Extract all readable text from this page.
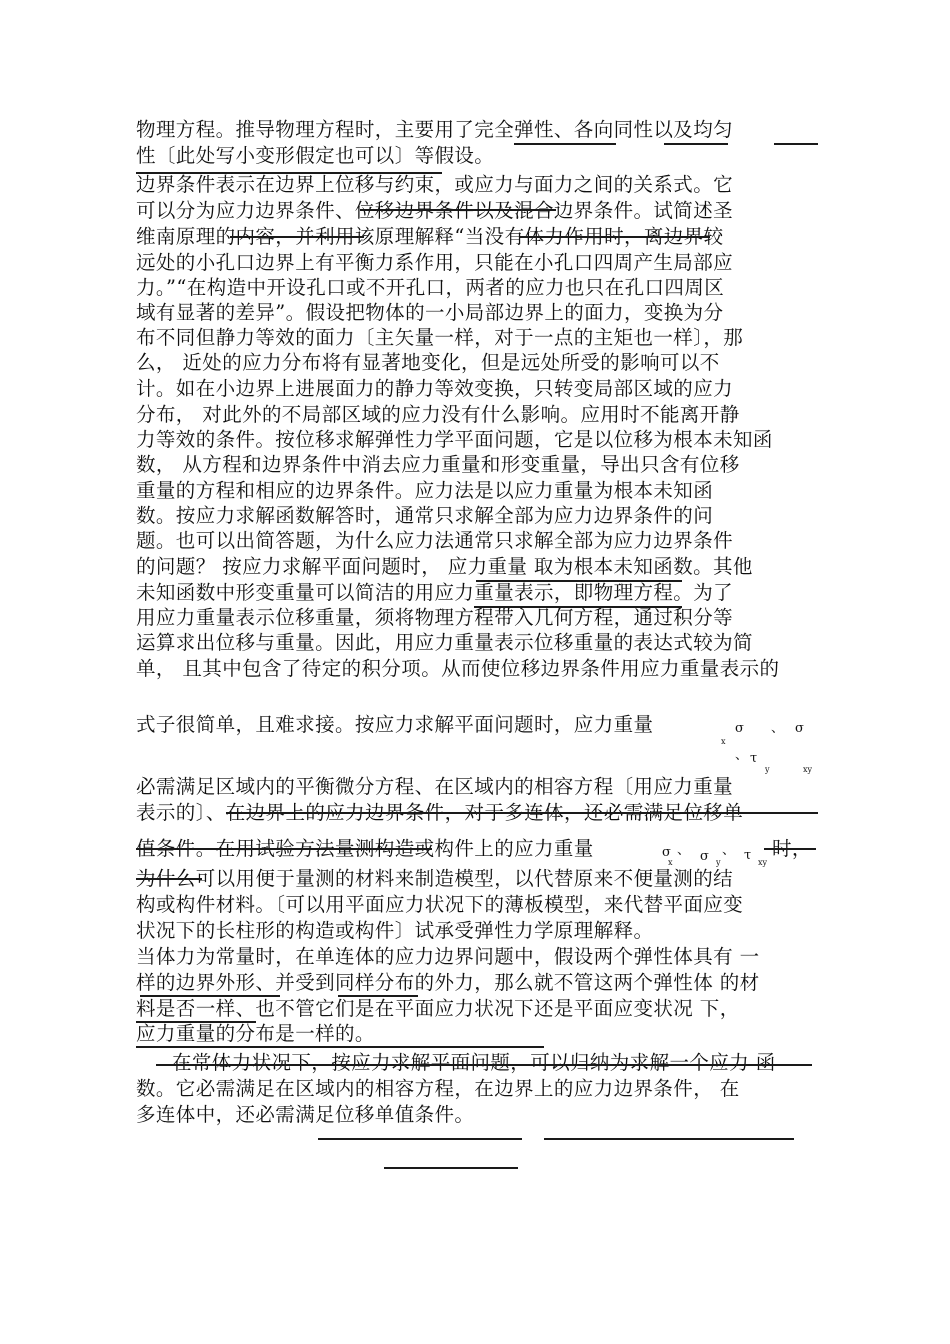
物理方程。推导物理方程时，主要用了完全弹性、各向同性以及均匀
性〔此处写小变形假定也可以〕等假设。
边界条件表示在边界上位移与约束，或应力与面力之间的关系式。它
可以分为应力边界条件、位移边界条件以及混合边界条件。试简述圣
维南原理的内容，并利用该原理解释“当没有体力作用时，离边界较
远处的小孔口边界上有平衡力系作用，只能在小孔口四周产生局部应
力。”“在构造中开设孔口或不开孔口，两者的应力也只在孔口四周区
域有显著的差异”。假设把物体的一小局部边界上的面力，变换为分
布不同但静力等效的面力〔主矢量一样，对于一点的主矩也一样〕，那
么， 近处的应力分布将有显著地变化，但是远处所受的影响可以不
计。如在小边界上进展面力的静力等效变换，只转变局部区域的应力
分布， 对此外的不局部区域的应力没有什么影响。应用时不能离开静
力等效的条件。按位移求解弹性力学平面问题，它是以位移为根本未知函
数， 从方程和边界条件中消去应力重量和形变重量，导出只含有位移
重量的方程和相应的边界条件。应力法是以应力重量为根本未知函
数。按应力求解函数解答时，通常只求解全部为应力边界条件的问
题。也可以出简答题，为什么应力法通常只求解全部为应力边界条件
的问题？ 按应力求解平面问题时， 应力重量 取为根本未知函数。其他
未知函数中形变重量可以简洁的用应力重量表示，即物理方程。为了
用应力重量表示位移重量，须将物理方程带入几何方程，通过积分等
运算求出位移与重量。因此，用应力重量表示位移重量的表达式较为简
单， 且其中包含了待定的积分项。从而使位移边界条件用应力重量表示的
式子很简单，且难求接。按应力求解平面问题时，应力重量	σ 、 σ
x
、 τ
y	xy
必需满足区域内的平衡微分方程、在区域内的相容方程〔用应力重量
表示的〕、在边界上的应力边界条件，对于多连体，还必需满足位移单
值条件。在用试验方法量测构造或构件上的应力重量	σ
x
、 σ y
、 τ xy
时，
为什么可以用便于量测的材料来制造模型，以代替原来不便量测的结
构或构件材料。〔可以用平面应力状况下的薄板模型，来代替平面应变
状况下的长柱形的构造或构件〕试承受弹性力学原理解释。
当体力为常量时，在单连体的应力边界问题中，假设两个弹性体具有 一
样的边界外形、并受到同样分布的外力，那么就不管这两个弹性体 的材
料是否一样、也不管它们是在平面应力状况下还是平面应变状况 下，
应力重量的分布是一样的。
在常体力状况下，按应力求解平面问题，可以归纳为求解一个应力 函
数。它必需满足在区域内的相容方程，在边界上的应力边界条件， 在
多连体中，还必需满足位移单值条件。
